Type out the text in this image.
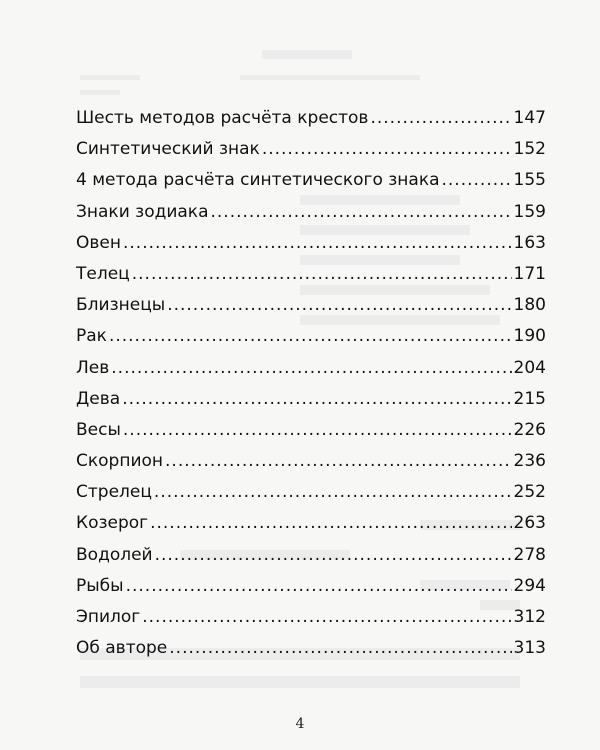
Шесть методов расчёта крестов .....	147
Синтетический знак .....	152
4 метода расчёта синтетического знака .....	155
Знаки зодиака .....	159
Овен .....	163
Телец .....	171
Близнецы .....	180
Рак .....	190
Лев .....	204
Дева .....	215
Весы .....	226
Скорпион .....	236
Стрелец .....	252
Козерог .....	263
Водолей .....	278
Рыбы .....	294
Эпилог .....	312
Об авторе .....	313
4
